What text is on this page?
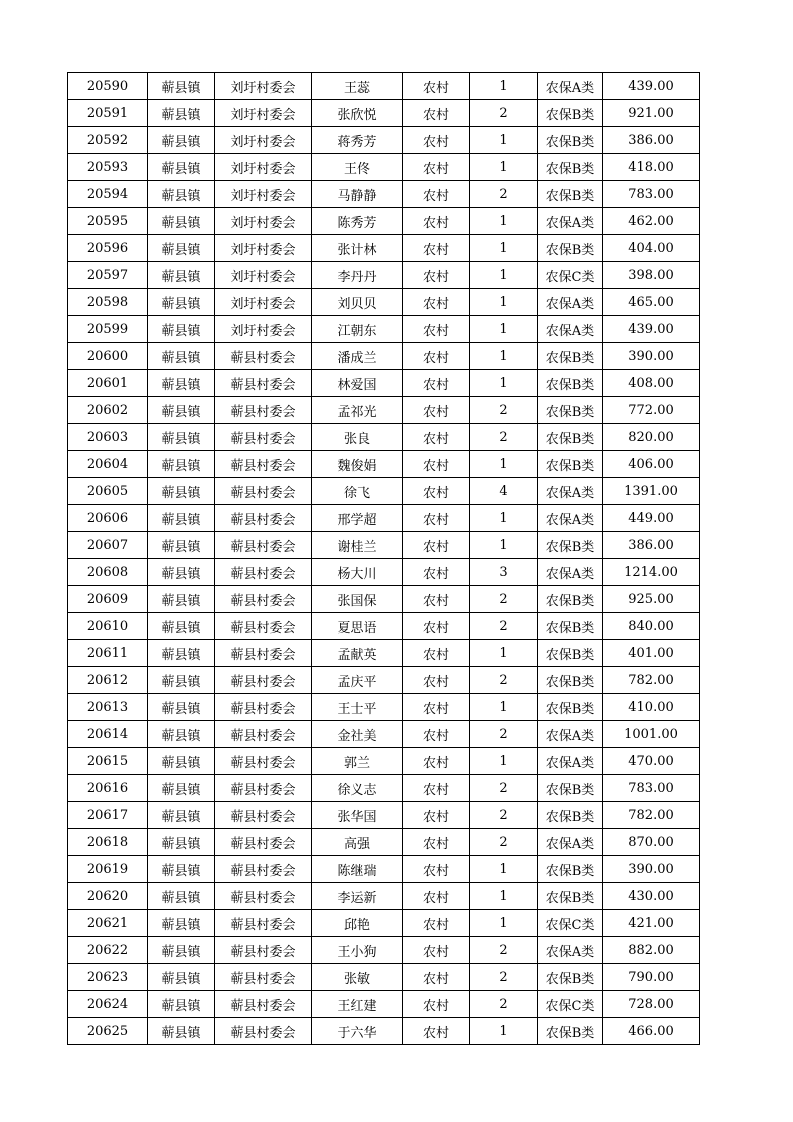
20590	蕲县镇	刘圩村委会	王蕊	农村	1	农保A类	439.00
20591	蕲县镇	刘圩村委会	张欣悦	农村	2	农保B类	921.00
20592	蕲县镇	刘圩村委会	蒋秀芳	农村	1	农保B类	386.00
20593	蕲县镇	刘圩村委会	王佟	农村	1	农保B类	418.00
20594	蕲县镇	刘圩村委会	马静静	农村	2	农保B类	783.00
20595	蕲县镇	刘圩村委会	陈秀芳	农村	1	农保A类	462.00
20596	蕲县镇	刘圩村委会	张计林	农村	1	农保B类	404.00
20597	蕲县镇	刘圩村委会	李丹丹	农村	1	农保C类	398.00
20598	蕲县镇	刘圩村委会	刘贝贝	农村	1	农保A类	465.00
20599	蕲县镇	刘圩村委会	江朝东	农村	1	农保A类	439.00
20600	蕲县镇	蕲县村委会	潘成兰	农村	1	农保B类	390.00
20601	蕲县镇	蕲县村委会	林爱国	农村	1	农保B类	408.00
20602	蕲县镇	蕲县村委会	孟祁光	农村	2	农保B类	772.00
20603	蕲县镇	蕲县村委会	张良	农村	2	农保B类	820.00
20604	蕲县镇	蕲县村委会	魏俊娟	农村	1	农保B类	406.00
20605	蕲县镇	蕲县村委会	徐飞	农村	4	农保A类	1391.00
20606	蕲县镇	蕲县村委会	邢学超	农村	1	农保A类	449.00
20607	蕲县镇	蕲县村委会	谢桂兰	农村	1	农保B类	386.00
20608	蕲县镇	蕲县村委会	杨大川	农村	3	农保A类	1214.00
20609	蕲县镇	蕲县村委会	张国保	农村	2	农保B类	925.00
20610	蕲县镇	蕲县村委会	夏思语	农村	2	农保B类	840.00
20611	蕲县镇	蕲县村委会	孟献英	农村	1	农保B类	401.00
20612	蕲县镇	蕲县村委会	孟庆平	农村	2	农保B类	782.00
20613	蕲县镇	蕲县村委会	王士平	农村	1	农保B类	410.00
20614	蕲县镇	蕲县村委会	金社美	农村	2	农保A类	1001.00
20615	蕲县镇	蕲县村委会	郭兰	农村	1	农保A类	470.00
20616	蕲县镇	蕲县村委会	徐义志	农村	2	农保B类	783.00
20617	蕲县镇	蕲县村委会	张华国	农村	2	农保B类	782.00
20618	蕲县镇	蕲县村委会	高强	农村	2	农保A类	870.00
20619	蕲县镇	蕲县村委会	陈继瑞	农村	1	农保B类	390.00
20620	蕲县镇	蕲县村委会	李运新	农村	1	农保B类	430.00
20621	蕲县镇	蕲县村委会	邱艳	农村	1	农保C类	421.00
20622	蕲县镇	蕲县村委会	王小狗	农村	2	农保A类	882.00
20623	蕲县镇	蕲县村委会	张敏	农村	2	农保B类	790.00
20624	蕲县镇	蕲县村委会	王红建	农村	2	农保C类	728.00
20625	蕲县镇	蕲县村委会	于六华	农村	1	农保B类	466.00
